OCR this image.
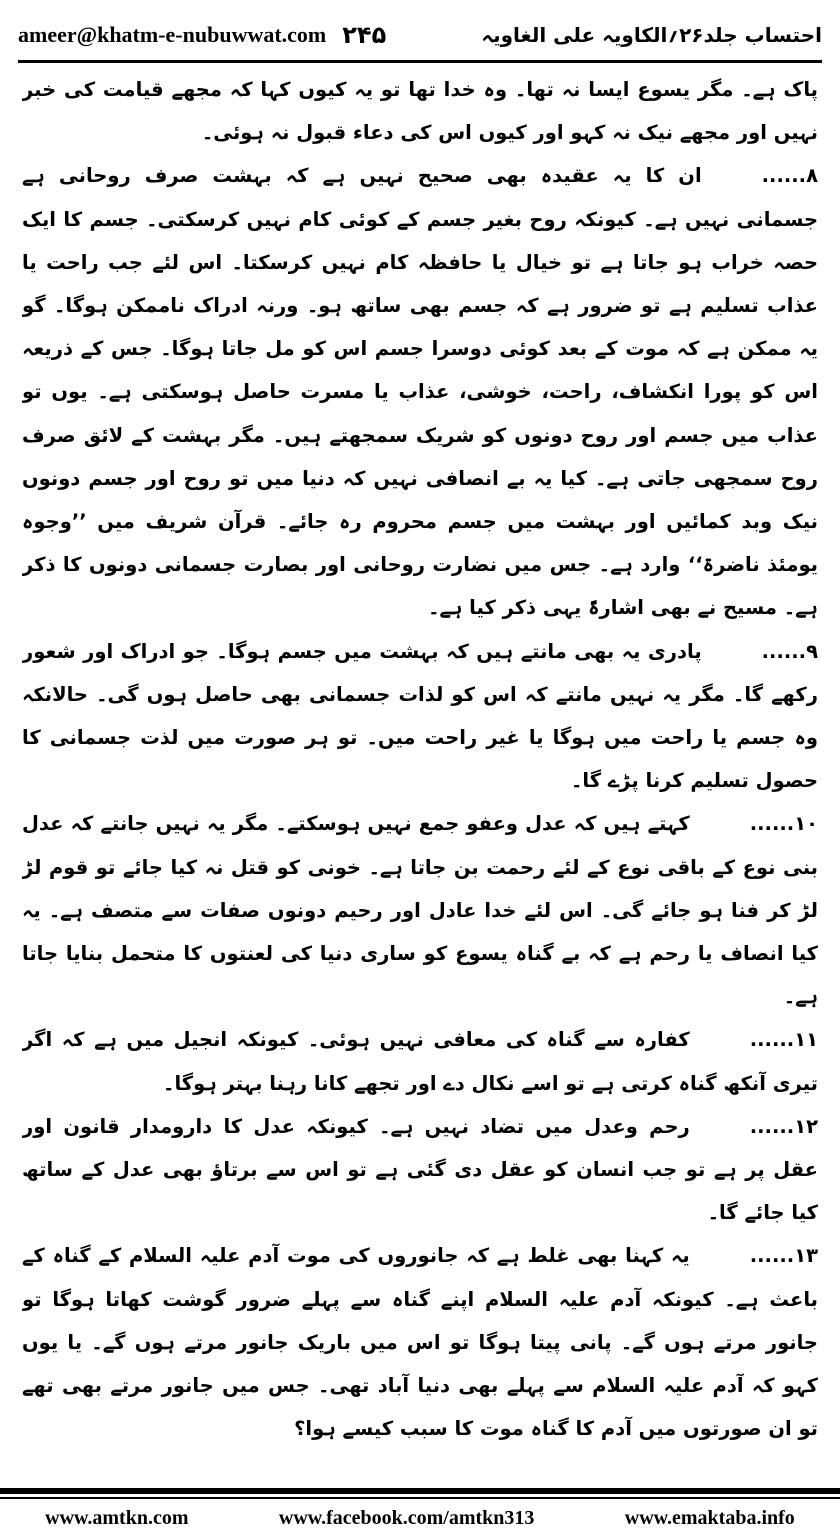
ameer@khatm-e-nubuwwat.com ۲۴۵	احتساب جلد۲۶؍الکاویہ علی الغاویہ

پاک ہے۔ مگر یسوع ایسا نہ تھا۔ وہ خدا تھا تو یہ کیوں کہا کہ مجھے قیامت کی خبر نہیں اور مجھے نیک نہ کہو اور کیوں اس کی دعاء قبول نہ ہوئی۔

۸......ان کا یہ عقیدہ بھی صحیح نہیں ہے کہ بہشت صرف روحانی ہے جسمانی نہیں ہے۔ کیونکہ روح بغیر جسم کے کوئی کام نہیں کرسکتی۔ جسم کا ایک حصہ خراب ہو جاتا ہے تو خیال یا حافظہ کام نہیں کرسکتا۔ اس لئے جب راحت یا عذاب تسلیم ہے تو ضرور ہے کہ جسم بھی ساتھ ہو۔ ورنہ ادراک ناممکن ہوگا۔ گو یہ ممکن ہے کہ موت کے بعد کوئی دوسرا جسم اس کو مل جاتا ہوگا۔ جس کے ذریعہ اس کو پورا انکشاف، راحت، خوشی، عذاب یا مسرت حاصل ہوسکتی ہے۔ یوں تو عذاب میں جسم اور روح دونوں کو شریک سمجھتے ہیں۔ مگر بہشت کے لائق صرف روح سمجھی جاتی ہے۔ کیا یہ بے انصافی نہیں کہ دنیا میں تو روح اور جسم دونوں نیک وبد کمائیں اور بہشت میں جسم محروم رہ جائے۔ قرآن شریف میں ’’وجوہ یومئذ ناضرۃ‘‘ وارد ہے۔ جس میں نضارت روحانی اور بصارت جسمانی دونوں کا ذکر ہے۔ مسیح نے بھی اشارۃً یہی ذکر کیا ہے۔

۹......پادری یہ بھی مانتے ہیں کہ بہشت میں جسم ہوگا۔ جو ادراک اور شعور رکھے گا۔ مگر یہ نہیں مانتے کہ اس کو لذات جسمانی بھی حاصل ہوں گی۔ حالانکہ وہ جسم یا راحت میں ہوگا یا غیر راحت میں۔ تو ہر صورت میں لذت جسمانی کا حصول تسلیم کرنا پڑے گا۔

۱۰......کہتے ہیں کہ عدل وعفو جمع نہیں ہوسکتے۔ مگر یہ نہیں جانتے کہ عدل بنی نوع کے باقی نوع کے لئے رحمت بن جاتا ہے۔ خونی کو قتل نہ کیا جائے تو قوم لڑ لڑ کر فنا ہو جائے گی۔ اس لئے خدا عادل اور رحیم دونوں صفات سے متصف ہے۔ یہ کیا انصاف یا رحم ہے کہ بے گناہ یسوع کو ساری دنیا کی لعنتوں کا متحمل بنایا جاتا ہے۔

۱۱......کفارہ سے گناہ کی معافی نہیں ہوئی۔ کیونکہ انجیل میں ہے کہ اگر تیری آنکھ گناہ کرتی ہے تو اسے نکال دے اور تجھے کانا رہنا بہتر ہوگا۔

۱۲......رحم وعدل میں تضاد نہیں ہے۔ کیونکہ عدل کا دارومدار قانون اور عقل پر ہے تو جب انسان کو عقل دی گئی ہے تو اس سے برتاؤ بھی عدل کے ساتھ کیا جائے گا۔

۱۳......یہ کہنا بھی غلط ہے کہ جانوروں کی موت آدم علیہ السلام کے گناہ کے باعث ہے۔ کیونکہ آدم علیہ السلام اپنے گناہ سے پہلے ضرور گوشت کھاتا ہوگا تو جانور مرتے ہوں گے۔ پانی پیتا ہوگا تو اس میں باریک جانور مرتے ہوں گے۔ یا یوں کہو کہ آدم علیہ السلام سے پہلے بھی دنیا آباد تھی۔ جس میں جانور مرتے بھی تھے تو ان صورتوں میں آدم کا گناہ موت کا سبب کیسے ہوا؟

www.amtkn.com	www.facebook.com/amtkn313	www.emaktaba.info
